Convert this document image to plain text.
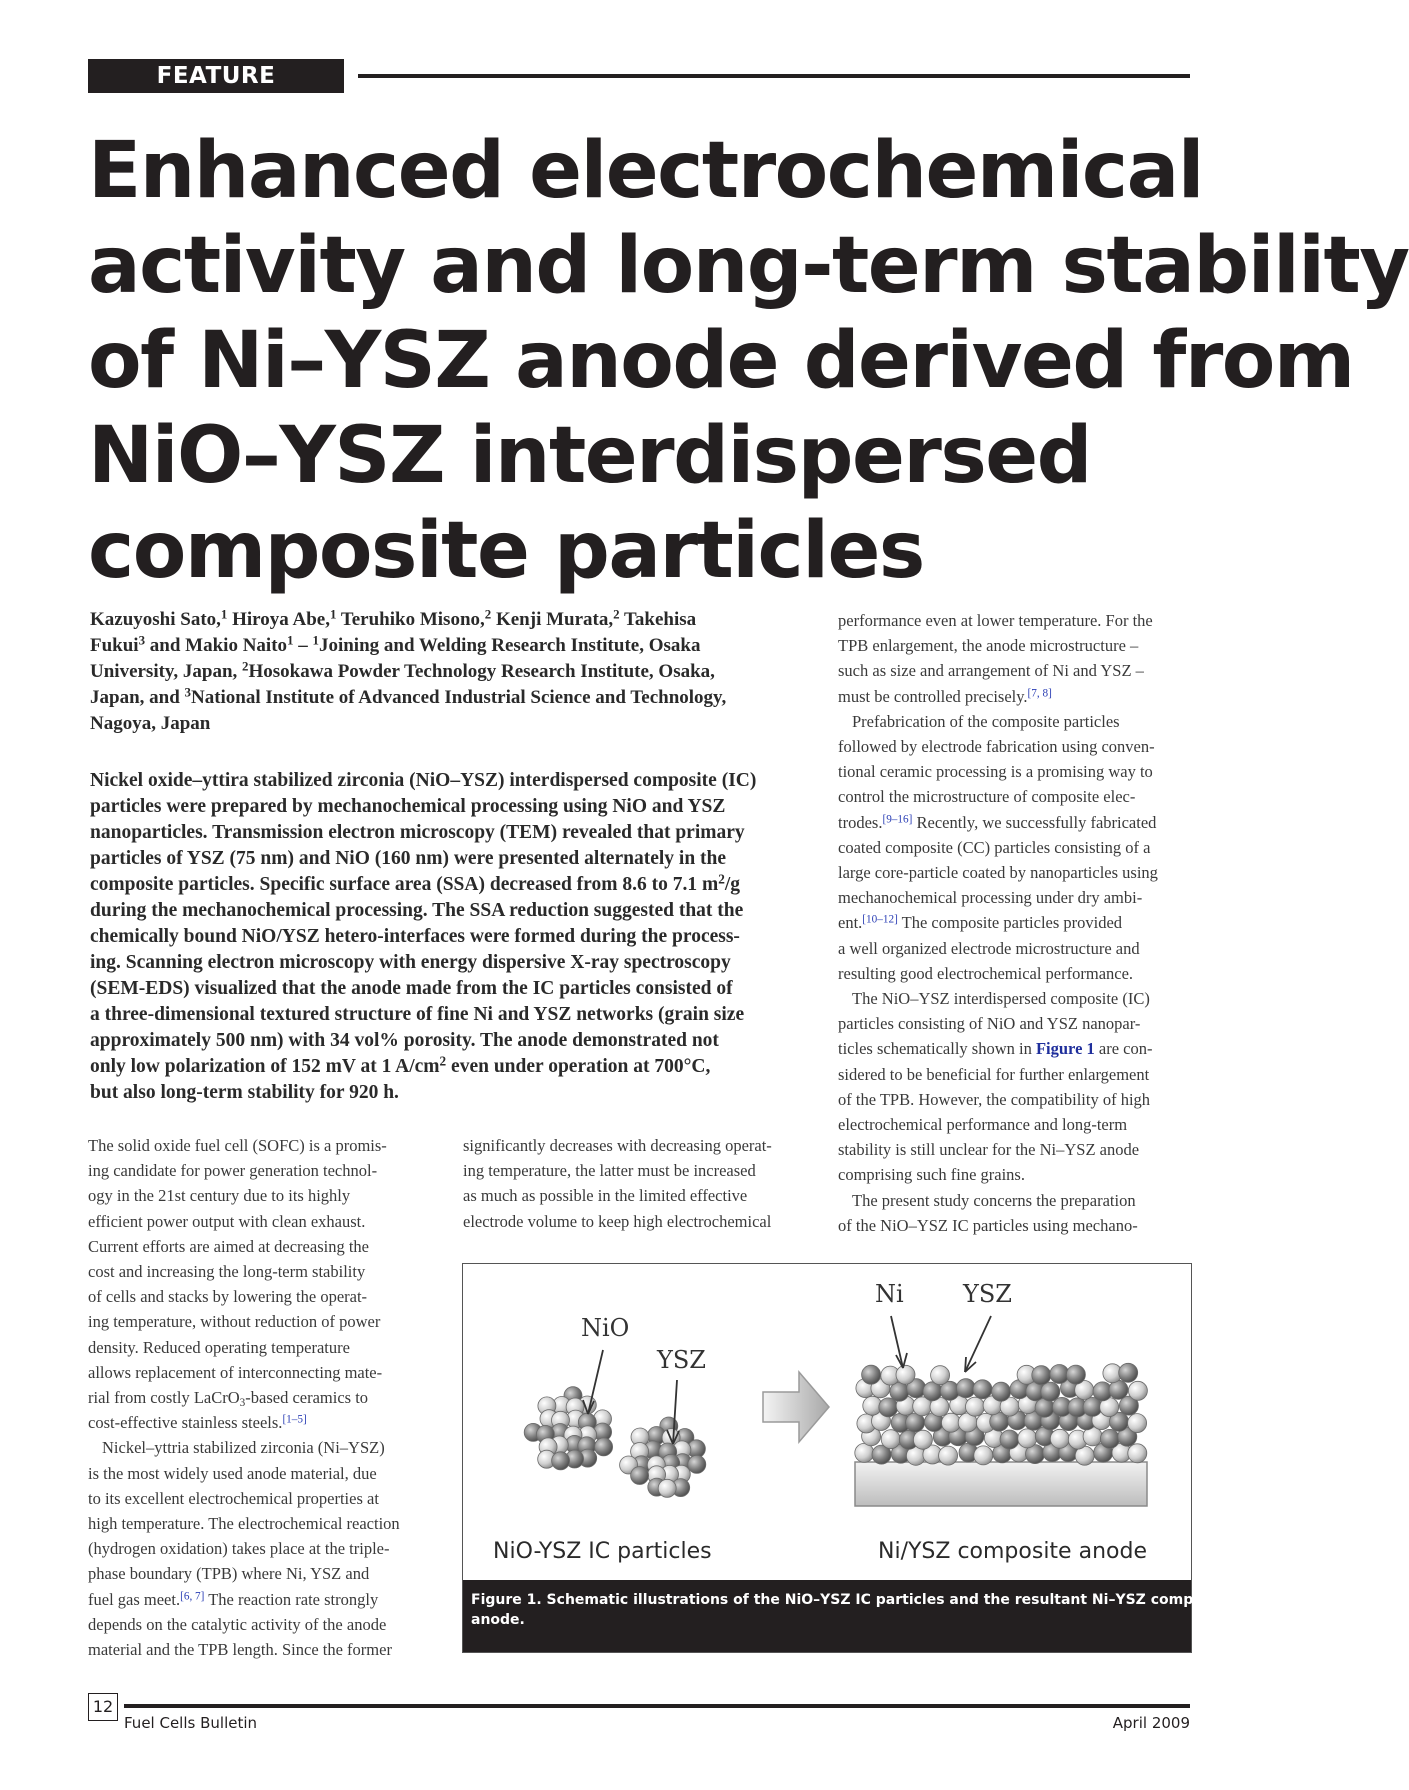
FEATURE
Enhanced electrochemical
activity and long-term stability
of Ni–YSZ anode derived from
NiO–YSZ interdispersed
composite particles
Kazuyoshi Sato,$^1$ Hiroya Abe,$^1$ Teruhiko Misono,$^2$ Kenji Murata,$^2$ Takehisa
Fukui$^3$ and Makio Naito$^1$ – $^1$Joining and Welding Research Institute, Osaka
University, Japan, $^2$Hosokawa Powder Technology Research Institute, Osaka,
Japan, and $^3$National Institute of Advanced Industrial Science and Technology,
Nagoya, Japan
Nickel oxide–yttira stabilized zirconia (NiO–YSZ) interdispersed composite (IC)
particles were prepared by mechanochemical processing using NiO and YSZ
nanoparticles. Transmission electron microscopy (TEM) revealed that primary
particles of YSZ (75 nm) and NiO (160 nm) were presented alternately in the
composite particles. Specific surface area (SSA) decreased from 8.6 to 7.1 $m^2/g$
during the mechanochemical processing. The SSA reduction suggested that the
chemically bound NiO/YSZ hetero-interfaces were formed during the process-
ing. Scanning electron microscopy with energy dispersive X-ray spectroscopy
(SEM-EDS) visualized that the anode made from the IC particles consisted of
a three-dimensional textured structure of fine Ni and YSZ networks (grain size
approximately 500 nm) with 34 vol% porosity. The anode demonstrated not
only low polarization of 152 mV at 1 $A/cm^2$ even under operation at 700°C,
but also long-term stability for 920 h.
The solid oxide fuel cell (SOFC) is a promis-
ing candidate for power generation technol-
ogy in the 21st century due to its highly
efficient power output with clean exhaust.
Current efforts are aimed at decreasing the
cost and increasing the long-term stability
of cells and stacks by lowering the operat-
ing temperature, without reduction of power
density. Reduced operating temperature
allows replacement of interconnecting mate-
rial from costly LaCrO$_3$-based ceramics to
cost-effective stainless steels.[1–5]
Nickel–yttria stabilized zirconia (Ni–YSZ)
is the most widely used anode material, due
to its excellent electrochemical properties at
high temperature. The electrochemical reaction
(hydrogen oxidation) takes place at the triple-
phase boundary (TPB) where Ni, YSZ and
fuel gas meet.[6, 7] The reaction rate strongly
depends on the catalytic activity of the anode
material and the TPB length. Since the former
significantly decreases with decreasing operat-
ing temperature, the latter must be increased
as much as possible in the limited effective
electrode volume to keep high electrochemical
performance even at lower temperature. For the
TPB enlargement, the anode microstructure –
such as size and arrangement of Ni and YSZ –
must be controlled precisely.[7, 8]
Prefabrication of the composite particles
followed by electrode fabrication using conven-
tional ceramic processing is a promising way to
control the microstructure of composite elec-
trodes.[9–16] Recently, we successfully fabricated
coated composite (CC) particles consisting of a
large core-particle coated by nanoparticles using
mechanochemical processing under dry ambi-
ent.[10–12] The composite particles provided
a well organized electrode microstructure and
resulting good electrochemical performance.
The NiO–YSZ interdispersed composite (IC)
particles consisting of NiO and YSZ nanopar-
ticles schematically shown in Figure 1 are con-
sidered to be beneficial for further enlargement
of the TPB. However, the compatibility of high
electrochemical performance and long-term
stability is still unclear for the Ni–YSZ anode
comprising such fine grains.
The present study concerns the preparation
of the NiO–YSZ IC particles using mechano-
NiO
YSZ
Ni YSZ
NiO-YSZ IC particles	Ni/YSZ composite anode
Figure 1. Schematic illustrations of the NiO–YSZ IC particles and the resultant Ni–YSZ composite
anode.
12
Fuel Cells Bulletin	April 2009
